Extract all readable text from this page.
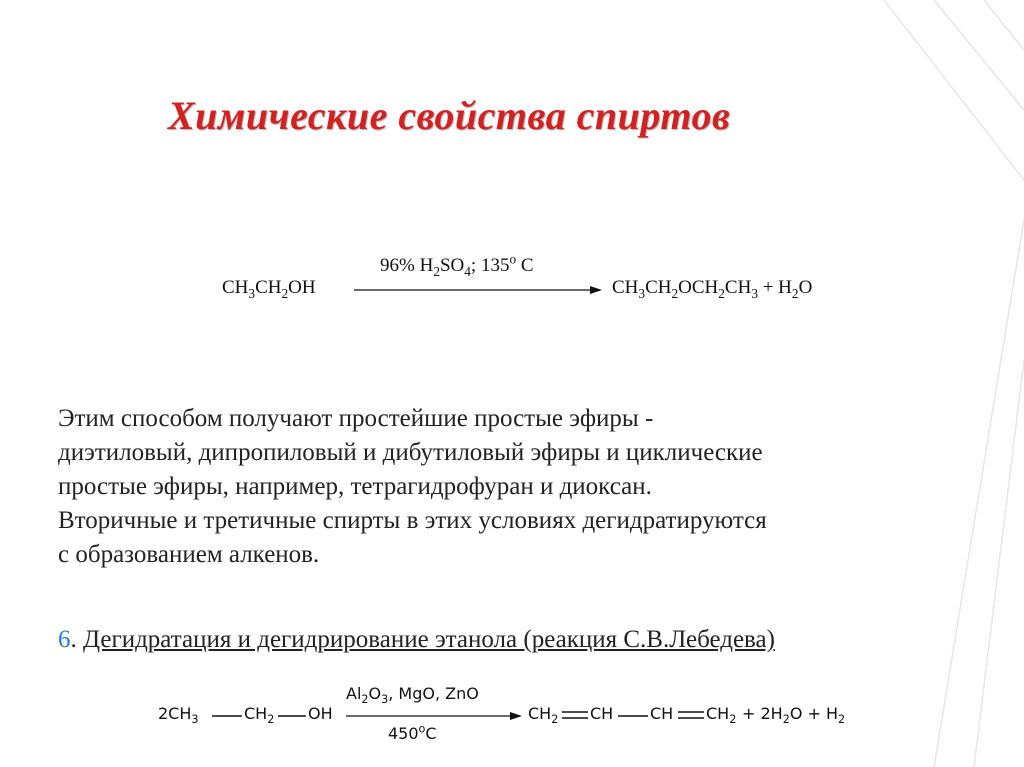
Химические свойства спиртов
$CH_3CH_2OH$
96% $H_2SO_4$; 135$^o$ C
$CH_3CH_2OCH_2CH_3 + H_2O$
Этим способом получают простейшие простые эфиры -
диэтиловый, дипропиловый и дибутиловый эфиры и циклические
простые эфиры, например, тетрагидрофуран и диоксан.
Вторичные и третичные спирты в этих условиях дегидратируются
с образованием алкенов.
6. Дегидратация и дегидрирование этанола (реакция С.В.Лебедева)
$2CH_3$	$CH_2$ OH
$Al_2O_3$, MgO, ZnO
450$^o$C
$CH_2$ CH CH $CH_2 + 2H_2O + H_2$
